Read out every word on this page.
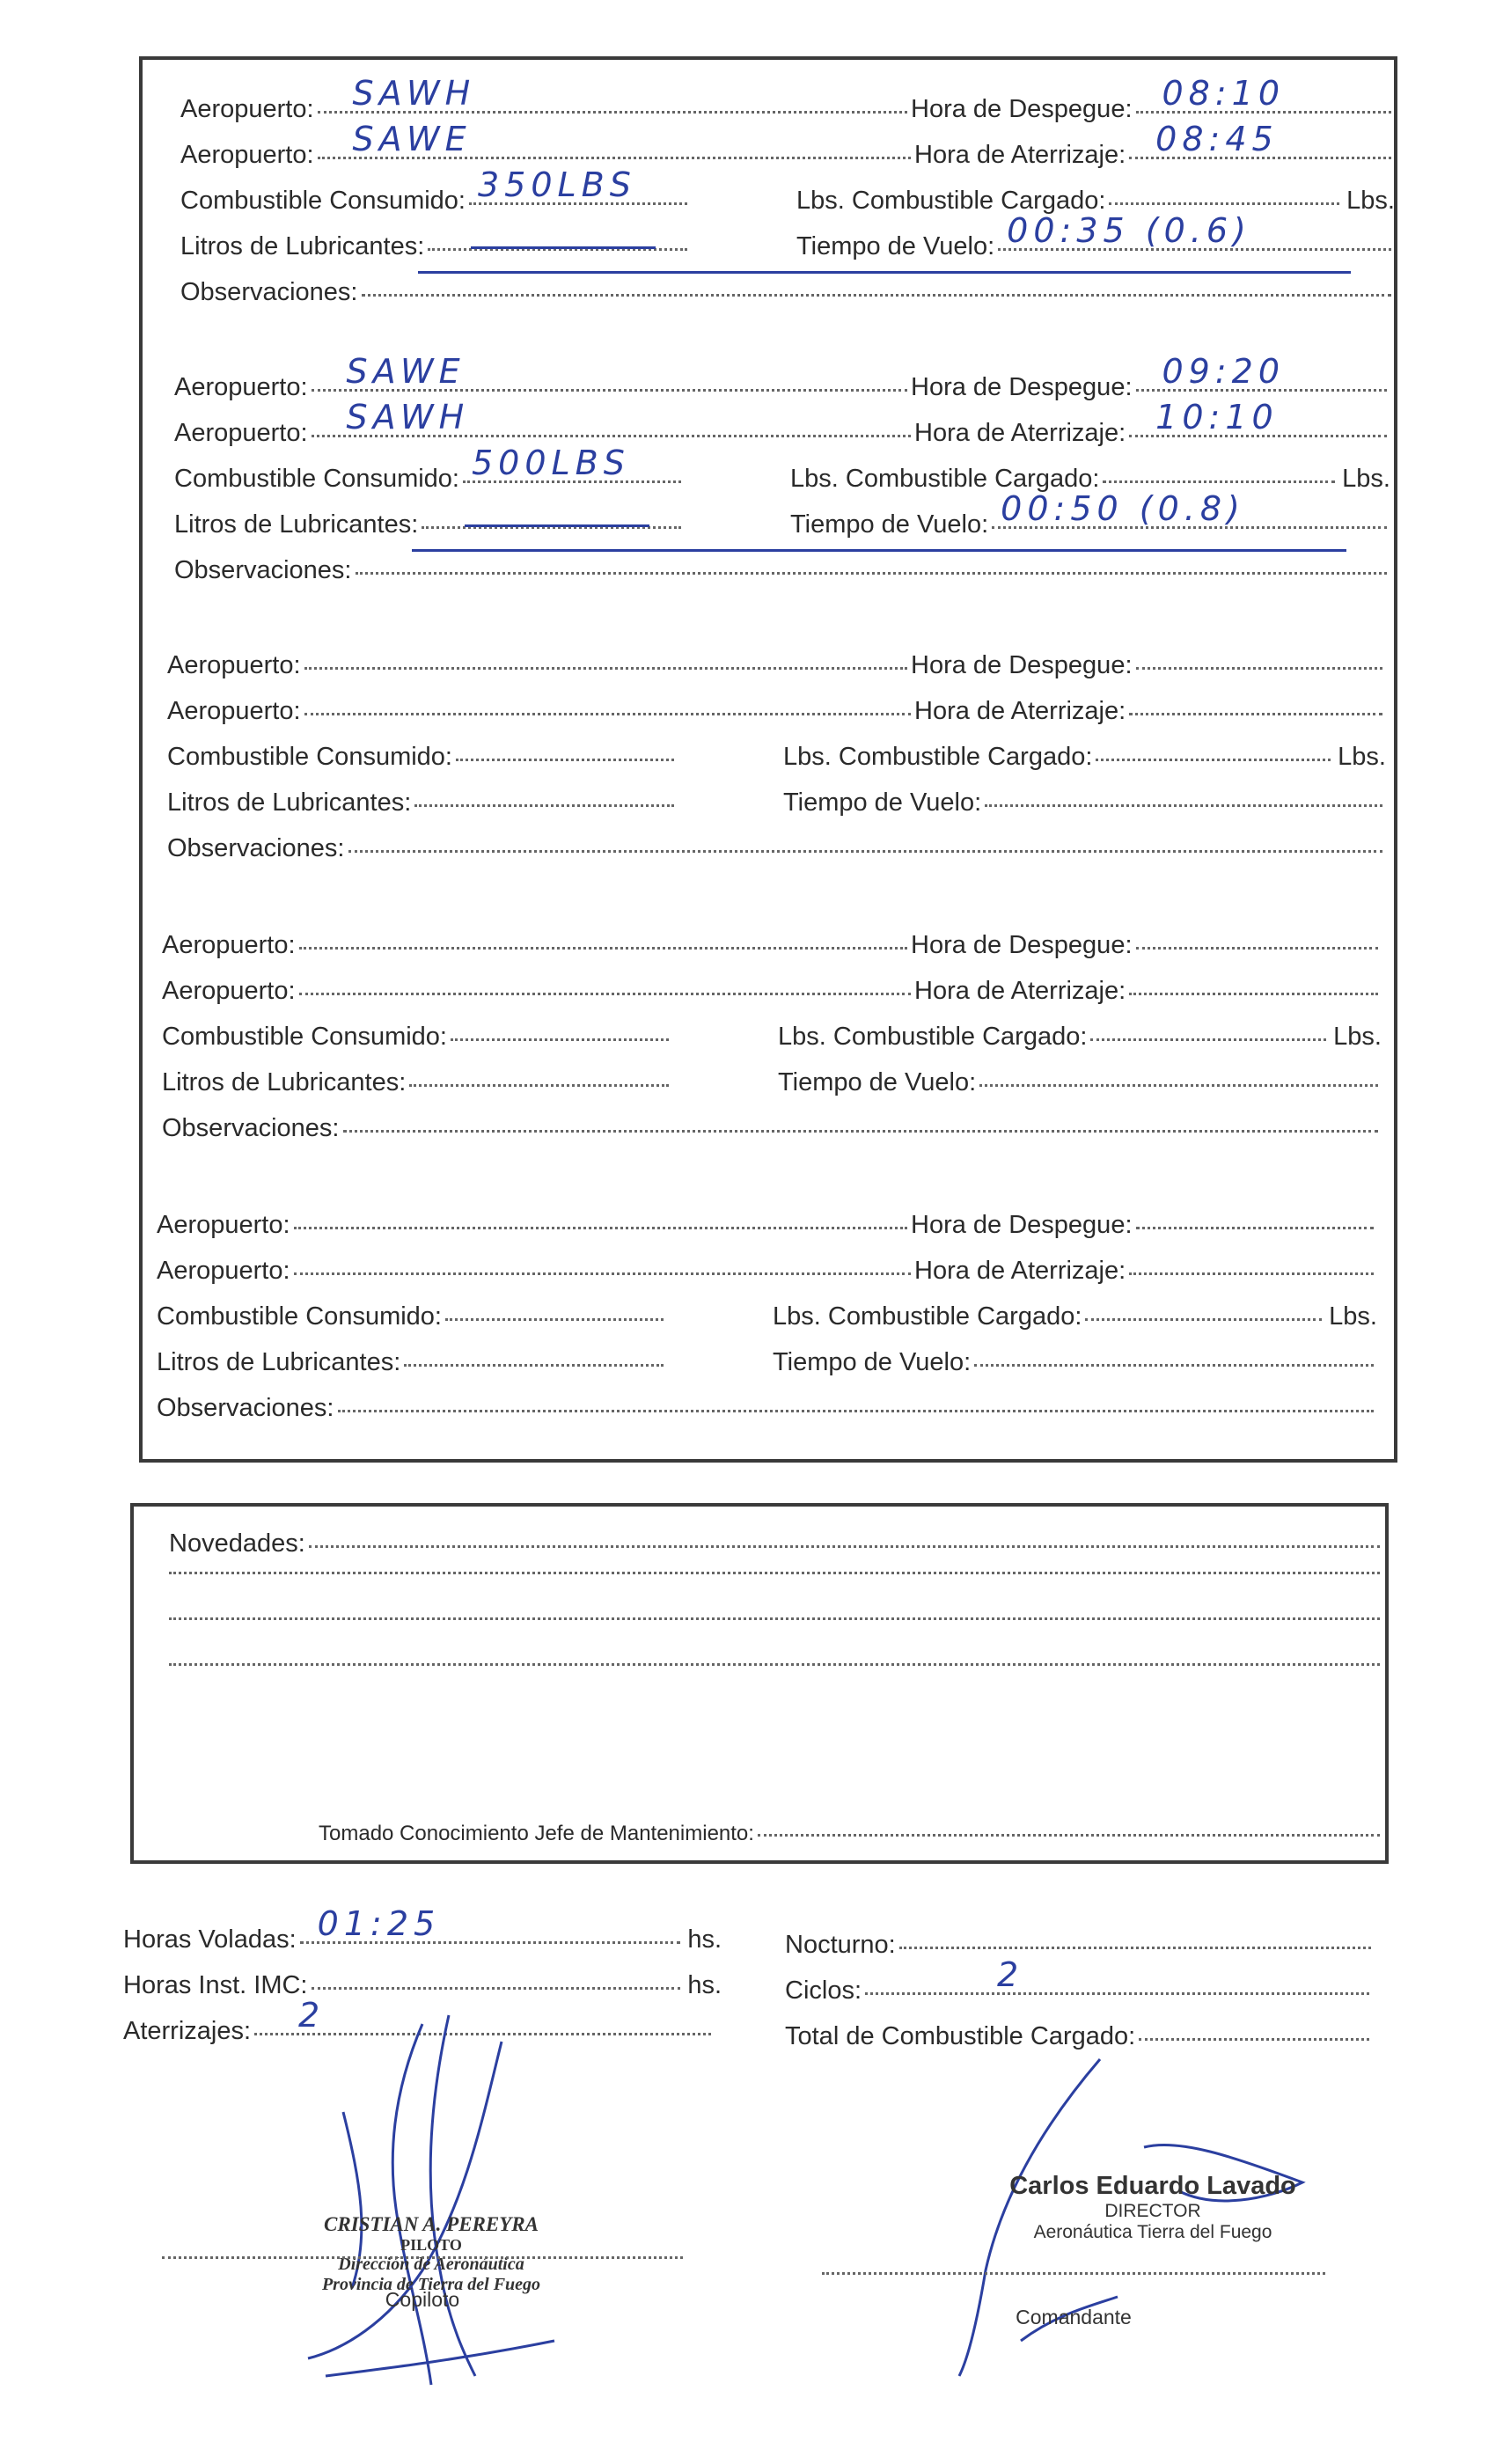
Aeropuerto: SAWH	Hora de Despegue: 08:10
Aeropuerto: SAWE	Hora de Aterrizaje: 08:45
Combustible Consumido: 350LBS	Lbs. Combustible Cargado:	Lbs.
Litros de Lubricantes:	Tiempo de Vuelo: 00:35 (0.6)
Observaciones:
Aeropuerto: SAWE	Hora de Despegue: 09:20
Aeropuerto: SAWH	Hora de Aterrizaje: 10:10
Combustible Consumido: 500LBS	Lbs. Combustible Cargado:	Lbs.
Litros de Lubricantes:	Tiempo de Vuelo: 00:50 (0.8)
Observaciones:
Aeropuerto:	Hora de Despegue:
Aeropuerto:	Hora de Aterrizaje:
Combustible Consumido:	Lbs. Combustible Cargado:	Lbs.
Litros de Lubricantes:	Tiempo de Vuelo:
Observaciones:
Aeropuerto:	Hora de Despegue:
Aeropuerto:	Hora de Aterrizaje:
Combustible Consumido:	Lbs. Combustible Cargado:	Lbs.
Litros de Lubricantes:	Tiempo de Vuelo:
Observaciones:
Aeropuerto:	Hora de Despegue:
Aeropuerto:	Hora de Aterrizaje:
Combustible Consumido:	Lbs. Combustible Cargado:	Lbs.
Litros de Lubricantes:	Tiempo de Vuelo:
Observaciones:
Novedades:
Tomado Conocimiento Jefe de Mantenimiento:
Horas Voladas: 01:25	hs.
Horas Inst. IMC:	hs.
Aterrizajes: 2
Nocturno:
Ciclos:	2
Total de Combustible Cargado:
CRISTIAN A. PEREYRA
PILOTO
Dirección de Aeronáutica
Provincia de Tierra del Fuego
Copiloto
Carlos Eduardo Lavado
DIRECTOR
Aeronáutica Tierra del Fuego
Comandante
